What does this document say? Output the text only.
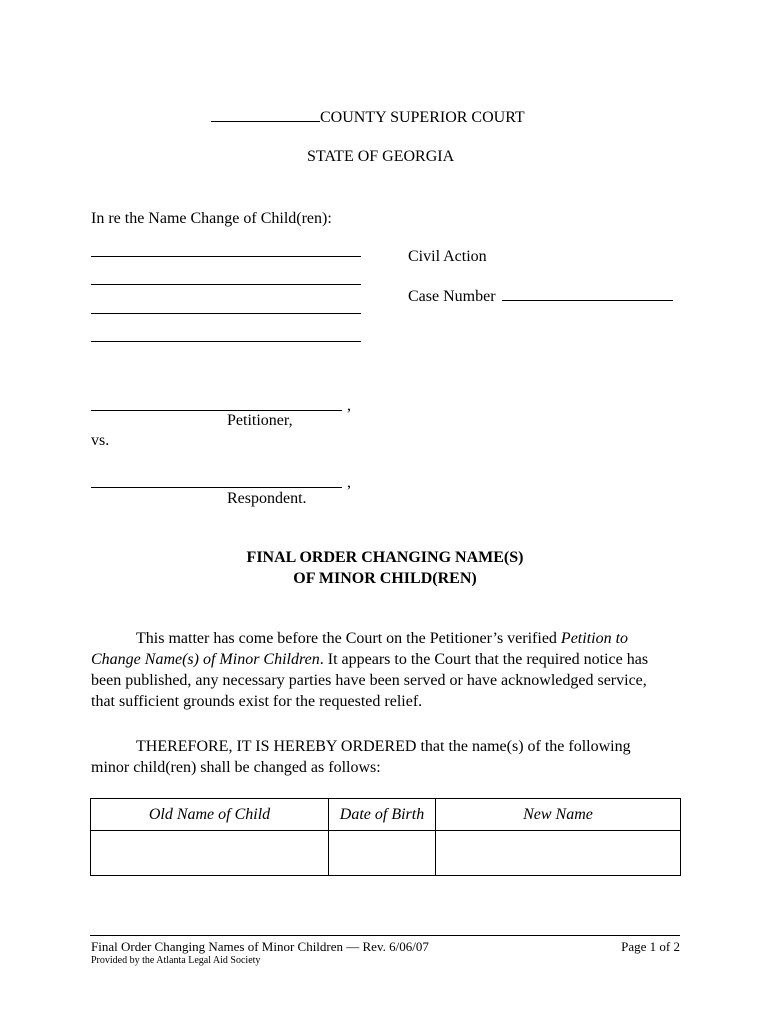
COUNTY SUPERIOR COURT
STATE OF GEORGIA
In re the Name Change of Child(ren):
Civil Action
Case Number
,
Petitioner,
vs.
,
Respondent.
FINAL ORDER CHANGING NAME(S)
OF MINOR CHILD(REN)
This matter has come before the Court on the Petitioner’s verified Petition to Change Name(s) of Minor Children. It appears to the Court that the required notice has been published, any necessary parties have been served or have acknowledged service, that sufficient grounds exist for the requested relief.
THEREFORE, IT IS HEREBY ORDERED that the name(s) of the following minor child(ren) shall be changed as follows:
Old Name of Child	Date of Birth	New Name

Final Order Changing Names of Minor Children — Rev. 6/06/07
Provided by the Atlanta Legal Aid Society
Page 1 of 2
